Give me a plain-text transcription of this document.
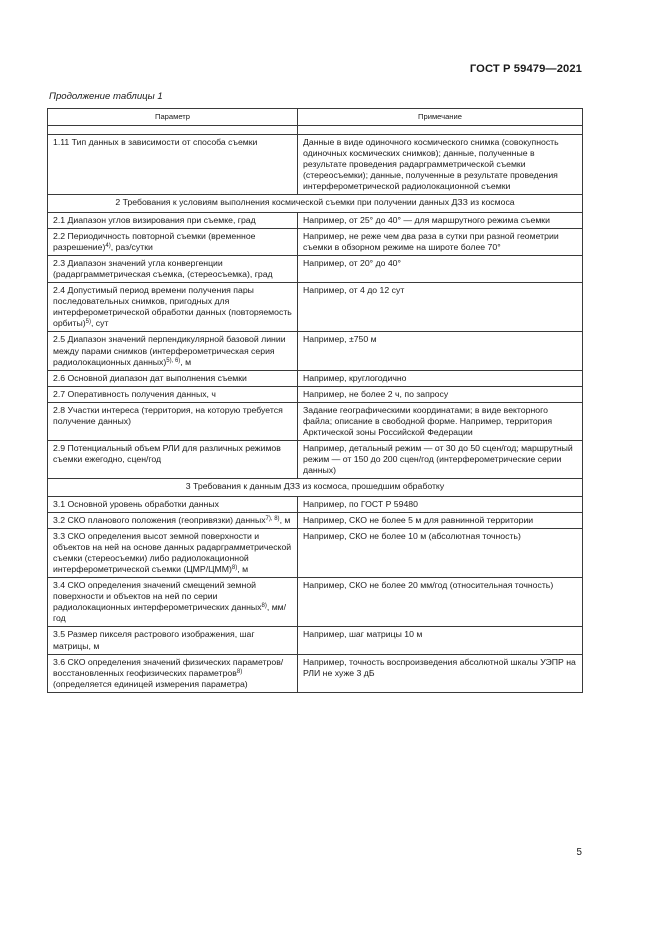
ГОСТ Р 59479—2021
Продолжение таблицы 1
Параметр	Примечание

1.11 Тип данных в зависимости от способа съемки	Данные в виде одиночного космического снимка (совокупность одиночных космических снимков); данные, полученные в результате проведения радарграмметрической съемки (стереосъемки); данные, полученные в результате проведения интерферометрической радиолокационной съемки
2 Требования к условиям выполнения космической съемки при получении данных ДЗЗ из космоса	
2.1 Диапазон углов визирования при съемке, град	Например, от 25° до 40° — для маршрутного режима съемки
2.2 Периодичность повторной съемки (временное разрешение)$^{4)}$, раз/сутки	Например, не реже чем два раза в сутки при разной геометрии съемки в обзорном режиме на широте более 70°
2.3 Диапазон значений угла конвергенции (радарграмметрическая съемка, (стереосъемка), град	Например, от 20° до 40°
2.4 Допустимый период времени получения пары последовательных снимков, пригодных для интерферометрической обработки данных (повторяемость орбиты)$^{5)}$, сут	Например, от 4 до 12 сут
2.5 Диапазон значений перпендикулярной базовой линии между парами снимков (интерферометрическая серия радиолокационных данных)$^{5), 6)}$, м	Например, ±750 м
2.6 Основной диапазон дат выполнения съемки	Например, круглогодично
2.7 Оперативность получения данных, ч	Например, не более 2 ч, по запросу
2.8 Участки интереса (территория, на которую требуется получение данных)	Задание географическими координатами; в виде векторного файла; описание в свободной форме. Например, территория Арктической зоны Российской Федерации
2.9 Потенциальный объем РЛИ для различных режимов съемки ежегодно, сцен/год	Например, детальный режим — от 30 до 50 сцен/год; маршрутный режим — от 150 до 200 сцен/год (интерферометрические серии данных)
3 Требования к данным ДЗЗ из космоса, прошедшим обработку	
3.1 Основной уровень обработки данных	Например, по ГОСТ Р 59480
3.2 СКО планового положения (геопривязки) данных$^{7), 8)}$, м	Например, СКО не более 5 м для равнинной территории
3.3 СКО определения высот земной поверхности и объектов на ней на основе данных радарграмметрической съемки (стереосъемки) либо радиолокационной интерферометрической съемки $(ЦМР/ЦММ)^{8)}$, м	Например, СКО не более 10 м (абсолютная точность)
3.4 СКО определения значений смещений земной поверхности и объектов на ней по серии радиолокационных интерферометрических данных$^{8)}$, мм/год	Например, СКО не более 20 мм/год (относительная точность)
3.5 Размер пикселя растрового изображения, шаг матрицы, м	Например, шаг матрицы 10 м
3.6 СКО определения значений физических параметров/восстановленных геофизических параметров$^{8)}$ (определяется единицей измерения параметра)	Например, точность воспроизведения абсолютной шкалы УЭПР на РЛИ не хуже 3 дБ
5
